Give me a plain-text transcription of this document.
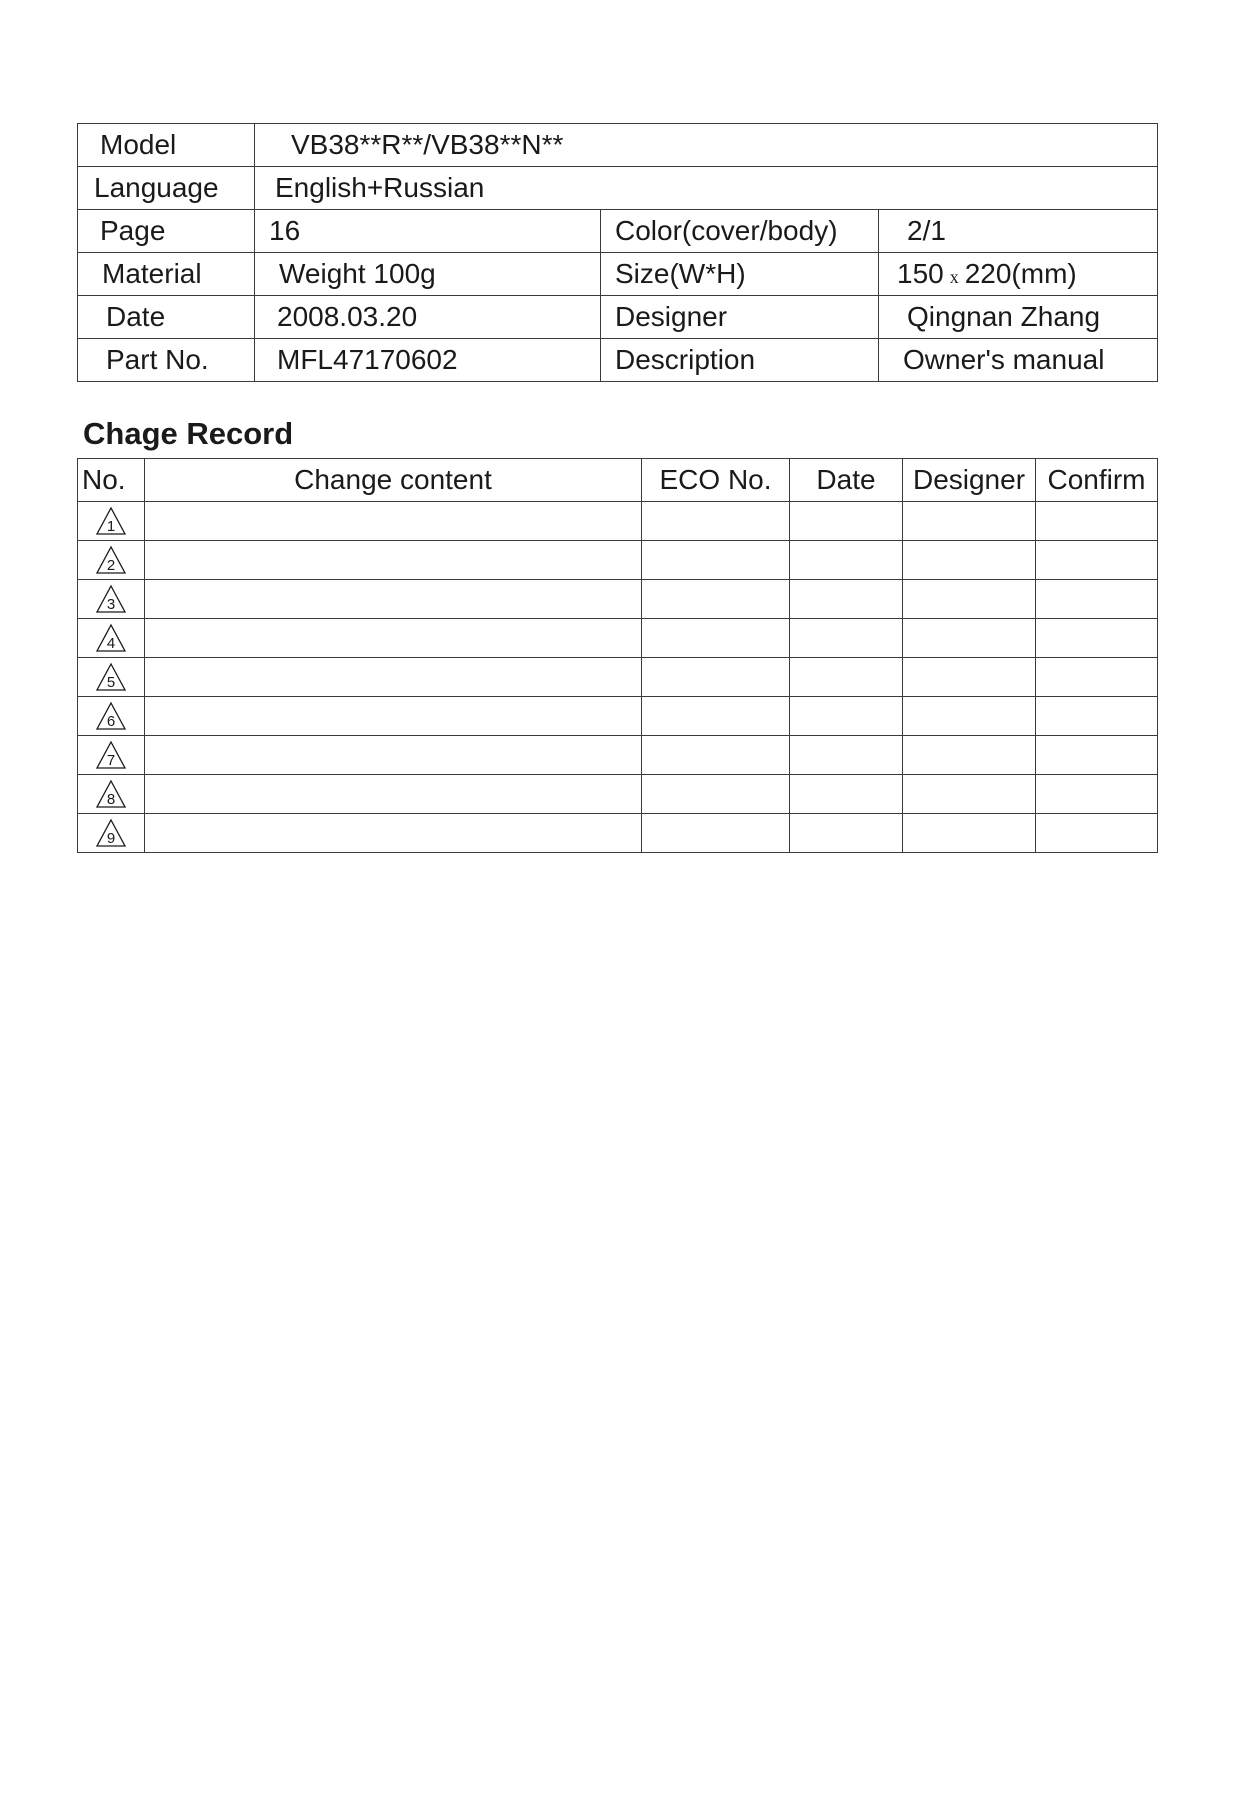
Model	VB38**R**/VB38**N**		
Language	English+Russian		
Page	16	Color(cover/body)	2/1
Material	Weight 100g	Size(W*H)	150 x 220(mm)
Date	2008.03.20	Designer	Qingnan Zhang
Part No.	MFL47170602	Description	Owner's manual
Chage Record
No.	Change content	ECO No.	Date	Designer	Confirm

1					

2					

3					

4					

5					

6					

7					

8					

9					
